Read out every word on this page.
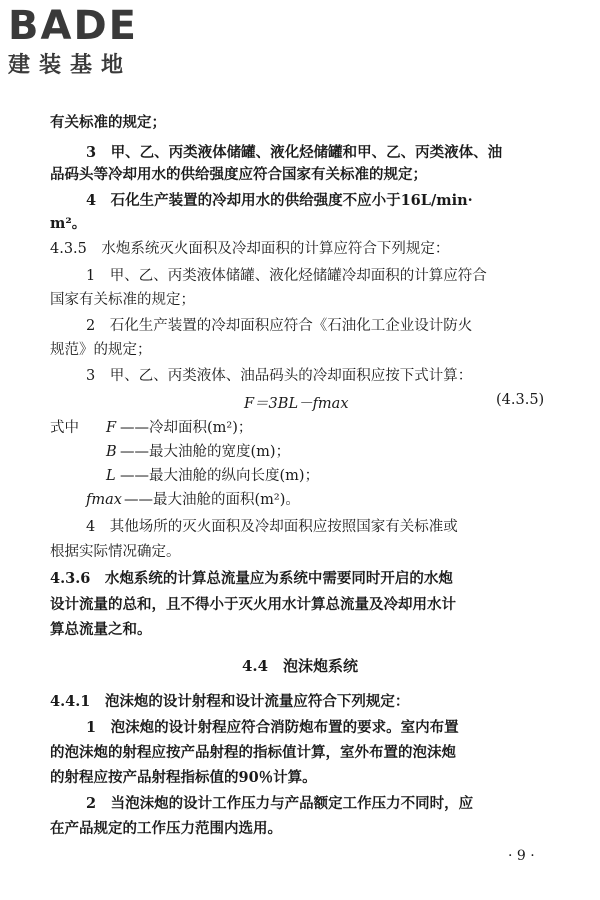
BADE
建装基地
有关标准的规定；
3　甲、乙、丙类液体储罐、液化烃储罐和甲、乙、丙类液体、油
品码头等冷却用水的供给强度应符合国家有关标准的规定；
4　石化生产装置的冷却用水的供给强度不应小于16L/min·
m²。
4.3.5　水炮系统灭火面积及冷却面积的计算应符合下列规定：
1　甲、乙、丙类液体储罐、液化烃储罐冷却面积的计算应符合
国家有关标准的规定；
2　石化生产装置的冷却面积应符合《石油化工企业设计防火
规范》的规定；
3　甲、乙、丙类液体、油品码头的冷却面积应按下式计算：
F＝3BL－fmax	(4.3.5)
式中	F ——冷却面积(m²)；
B ——最大油舱的宽度(m)；
L ——最大油舱的纵向长度(m)；
fmax ——最大油舱的面积(m²)。
4　其他场所的灭火面积及冷却面积应按照国家有关标准或
根据实际情况确定。
4.3.6　水炮系统的计算总流量应为系统中需要同时开启的水炮
设计流量的总和，且不得小于灭火用水计算总流量及冷却用水计
算总流量之和。
4.4　泡沫炮系统
4.4.1　泡沫炮的设计射程和设计流量应符合下列规定：
1　泡沫炮的设计射程应符合消防炮布置的要求。室内布置
的泡沫炮的射程应按产品射程的指标值计算，室外布置的泡沫炮
的射程应按产品射程指标值的90％计算。
2　当泡沫炮的设计工作压力与产品额定工作压力不同时，应
在产品规定的工作压力范围内选用。
· 9 ·
